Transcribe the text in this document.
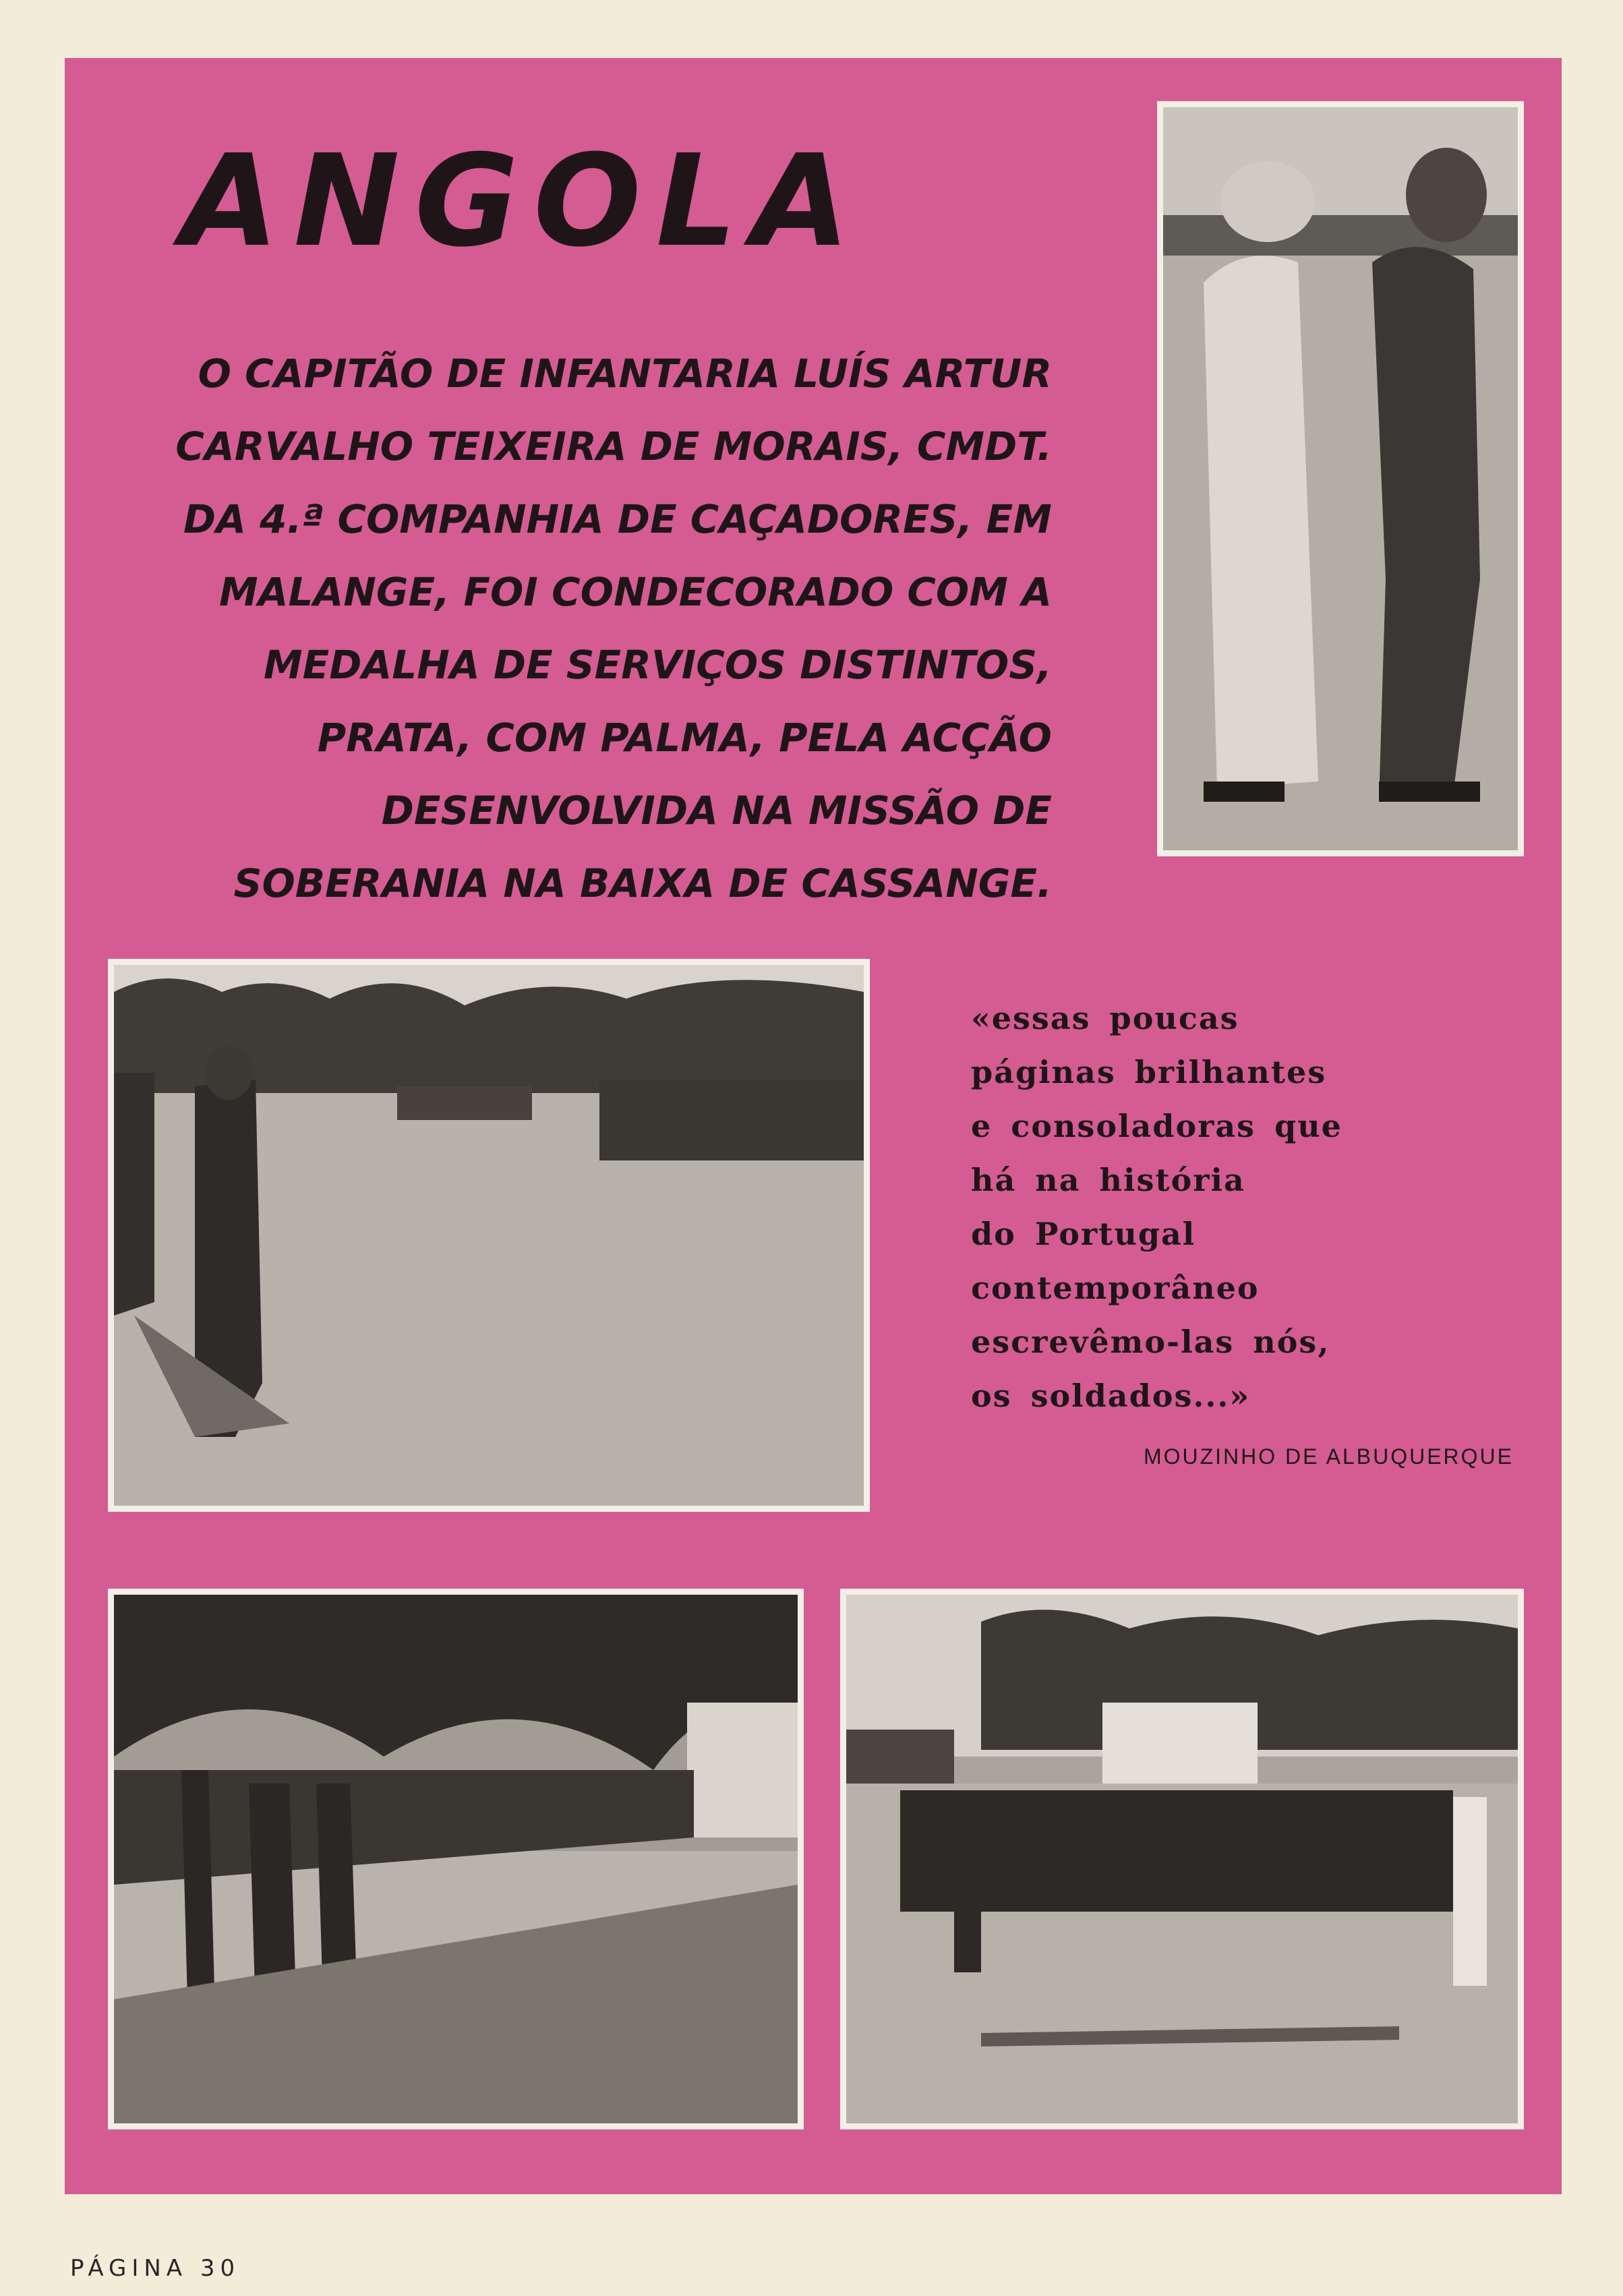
ANGOLA

O CAPITÃO DE INFANTARIA LUÍS ARTUR CARVALHO TEIXEIRA DE MORAIS, CMDT. DA 4.ª COMPANHIA DE CAÇADORES, EM MALANGE, FOI CONDECORADO COM A MEDALHA DE SERVIÇOS DISTINTOS, PRATA, COM PALMA, PELA ACÇÃO DESENVOLVIDA NA MISSÃO DE SOBERANIA NA BAIXA DE CASSANGE.

«essas poucas
páginas brilhantes
e consoladoras que
há na história
do Portugal
contemporâneo
escrevêmo-las nós,
os soldados...»

MOUZINHO DE ALBUQUERQUE
PÁGINA 30
